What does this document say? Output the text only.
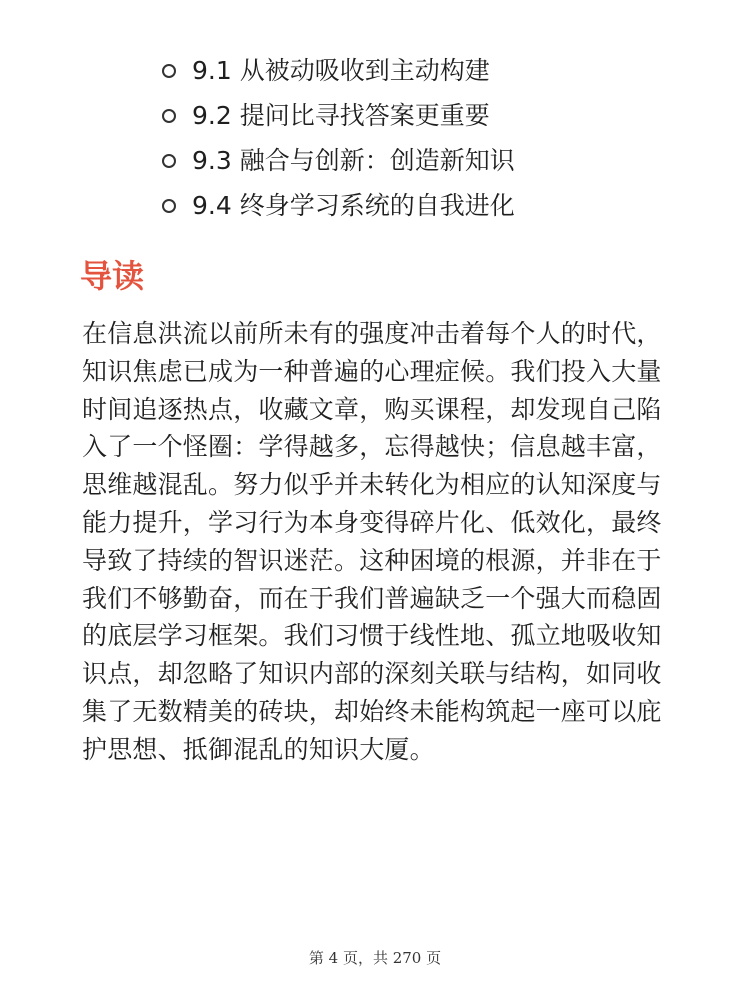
9.1 从被动吸收到主动构建
9.2 提问比寻找答案更重要
9.3 融合与创新：创造新知识
9.4 终身学习系统的自我进化
导读

在信息洪流以前所未有的强度冲击着每个人的时代，知识焦虑已成为一种普遍的心理症候。我们投入大量时间追逐热点，收藏文章，购买课程，却发现自己陷入了一个怪圈：学得越多，忘得越快；信息越丰富，思维越混乱。努力似乎并未转化为相应的认知深度与能力提升，学习行为本身变得碎片化、低效化，最终导致了持续的智识迷茫。这种困境的根源，并非在于我们不够勤奋，而在于我们普遍缺乏一个强大而稳固的底层学习框架。我们习惯于线性地、孤立地吸收知识点，却忽略了知识内部的深刻关联与结构，如同收集了无数精美的砖块，却始终未能构筑起一座可以庇护思想、抵御混乱的知识大厦。

第 4 页，共 270 页
